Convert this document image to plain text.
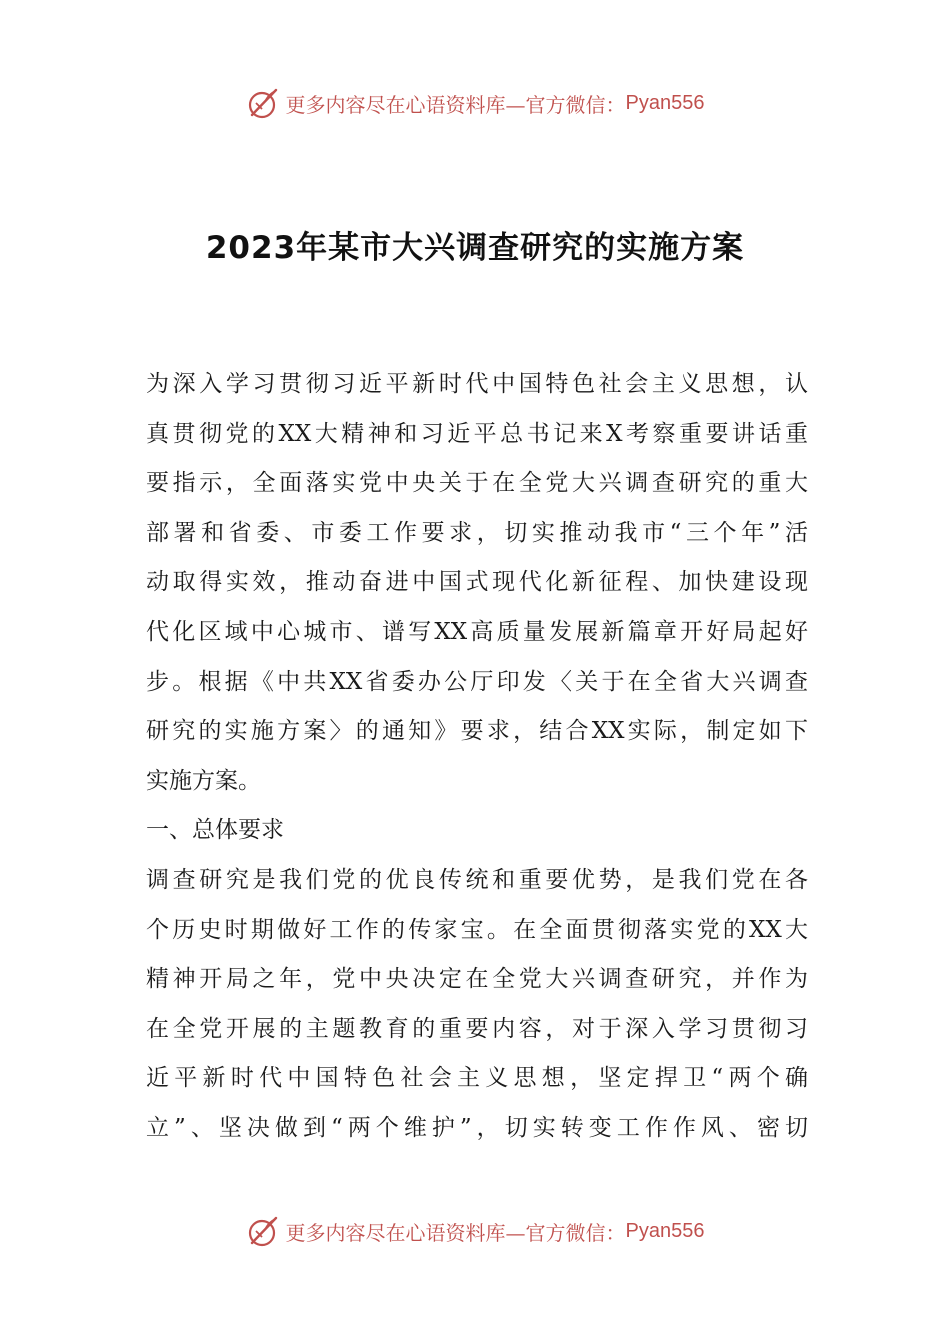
更多内容尽在心语资料库—官方微信： Pyan556
2023年某市大兴调查研究的实施方案
为深入学习贯彻习近平新时代中国特色社会主义思想，认
真贯彻党的XX大精神和习近平总书记来X考察重要讲话重
要指示，全面落实党中央关于在全党大兴调查研究的重大
部署和省委、市委工作要求，切实推动我市“三个年”活
动取得实效，推动奋进中国式现代化新征程、加快建设现
代化区域中心城市、谱写XX高质量发展新篇章开好局起好
步。根据《中共XX省委办公厅印发〈关于在全省大兴调查
研究的实施方案〉的通知》要求，结合XX实际，制定如下
实施方案。
一、总体要求
调查研究是我们党的优良传统和重要优势，是我们党在各
个历史时期做好工作的传家宝。在全面贯彻落实党的XX大
精神开局之年，党中央决定在全党大兴调查研究，并作为
在全党开展的主题教育的重要内容，对于深入学习贯彻习
近平新时代中国特色社会主义思想，坚定捍卫“两个确
立”、坚决做到“两个维护”，切实转变工作作风、密切
更多内容尽在心语资料库—官方微信： Pyan556
